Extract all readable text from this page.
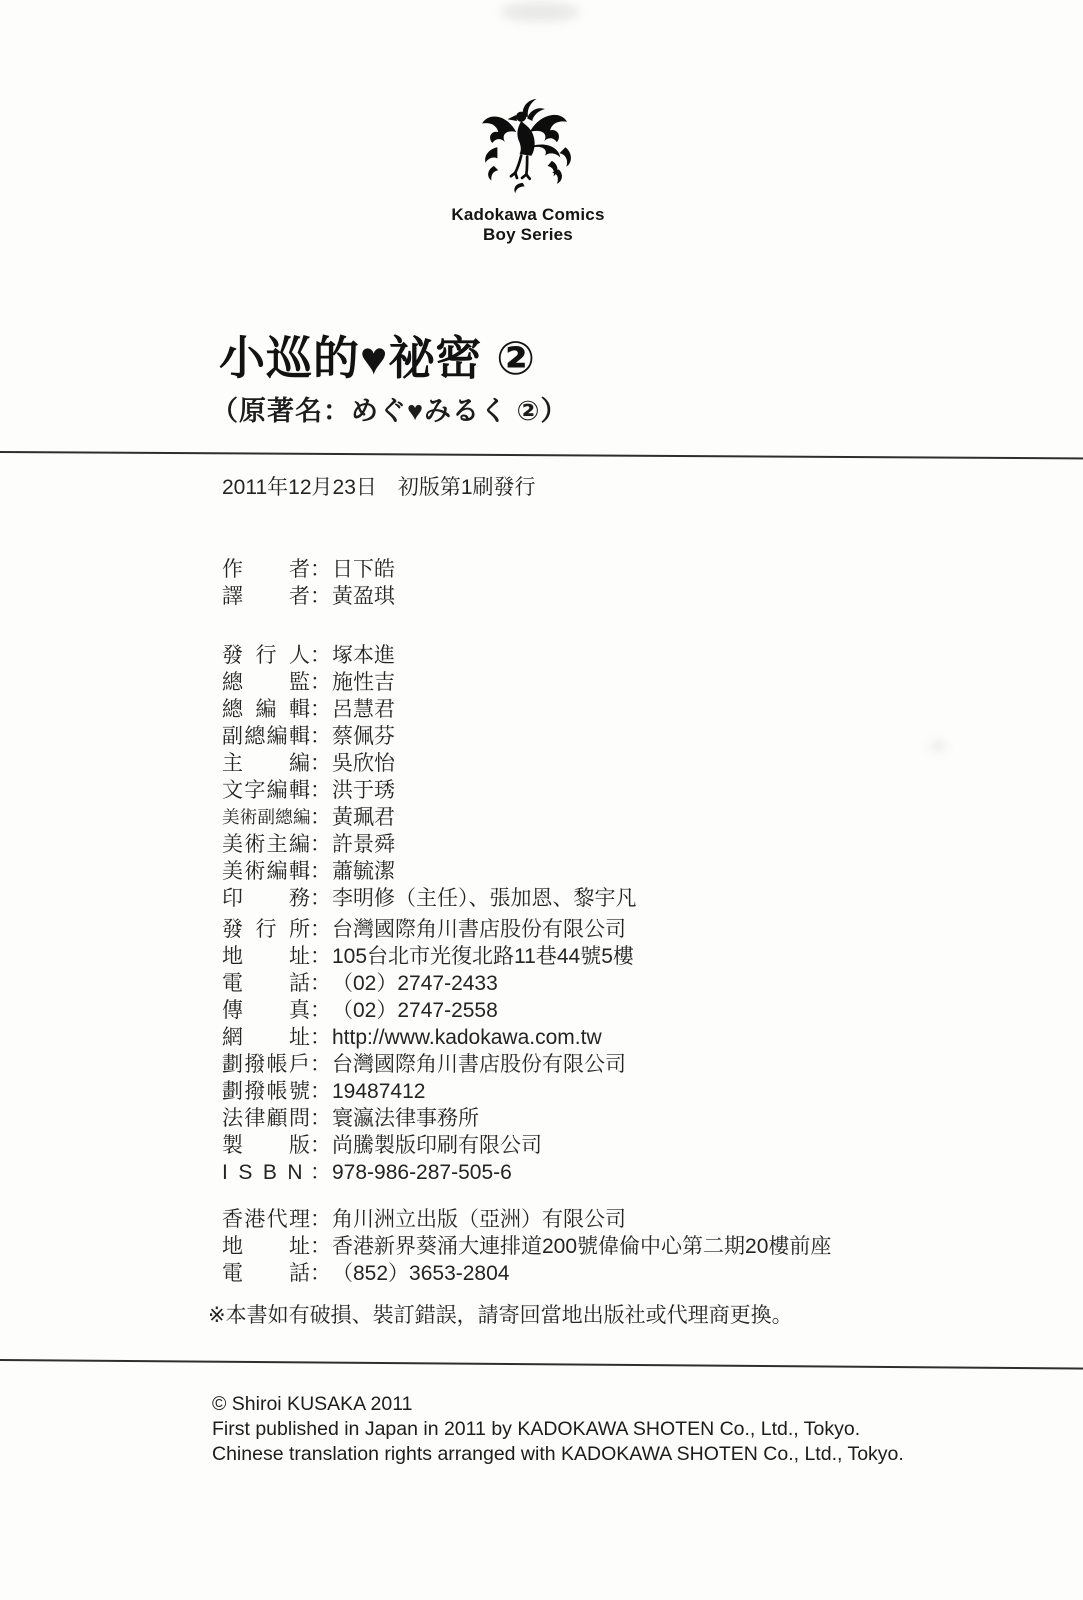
Kadokawa Comics
Boy Series
小巡的♥祕密 ②
（原著名：めぐ♥みるく ②）
2011年12月23日　初版第1刷發行
作　　者：日下皓
譯　　者：黃盈琪
發 行 人：塚本進
總　　監：施性吉
總 編 輯：呂慧君
副總編輯：蔡佩芬
主　　編：吳欣怡
文字編輯：洪于琇
美術副總編：黃珮君
美術主編：許景舜
美術編輯：蕭毓潔
印　　務：李明修（主任）、張加恩、黎宇凡
發 行 所：台灣國際角川書店股份有限公司
地　　址：105台北市光復北路11巷44號5樓
電　　話：（02）2747-2433
傳　　真：（02）2747-2558
網　　址：http://www.kadokawa.com.tw
劃撥帳戶：台灣國際角川書店股份有限公司
劃撥帳號：19487412
法律顧問：寰瀛法律事務所
製　　版：尚騰製版印刷有限公司
I S B N ：978-986-287-505-6
香港代理：角川洲立出版（亞洲）有限公司
地　　址：香港新界葵涌大連排道200號偉倫中心第二期20樓前座
電　　話：（852）3653-2804
※本書如有破損、裝訂錯誤，請寄回當地出版社或代理商更換。
© Shiroi KUSAKA 2011
First published in Japan in 2011 by KADOKAWA SHOTEN Co., Ltd., Tokyo.
Chinese translation rights arranged with KADOKAWA SHOTEN Co., Ltd., Tokyo.
